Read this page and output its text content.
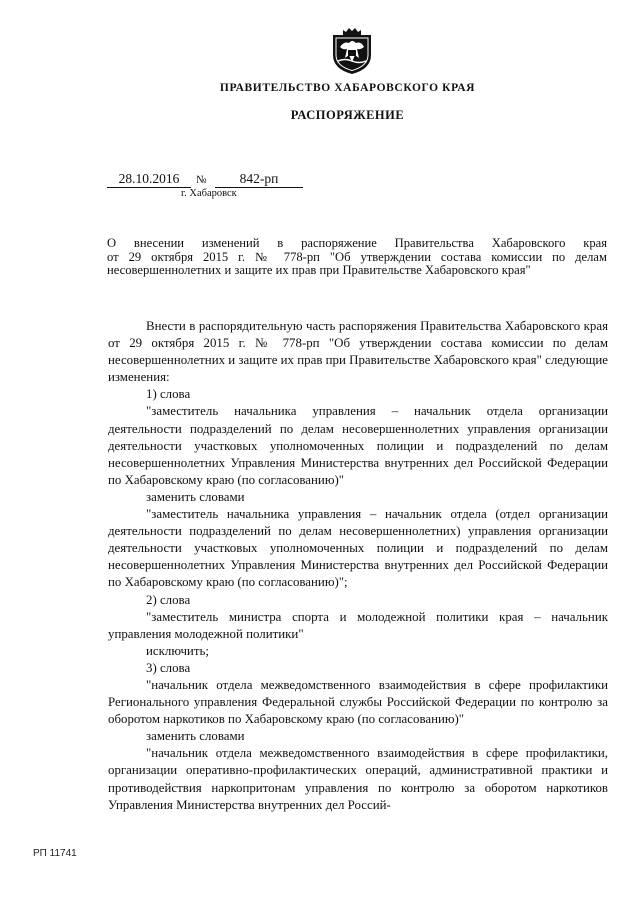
ПРАВИТЕЛЬСТВО ХАБАРОВСКОГО КРАЯ
РАСПОРЯЖЕНИЕ
28.10.2016	№	842-рп
г. Хабаровск

О внесении изменений в распоряжение Правительства Хабаровского края

от 29 октября 2015 г. № 778-рп "Об утверждении состава комиссии по делам

несовершеннолетних и защите их прав при Правительстве Хабаровского края"

Внести в распорядительную часть распоряжения Правительства Хабаровского края от 29 октября 2015 г. № 778-рп "Об утверждении состава комиссии по делам несовершеннолетних и защите их прав при Правительстве Хабаровского края" следующие изменения:

1) слова

"заместитель начальника управления – начальник отдела организации деятельности подразделений по делам несовершеннолетних управления организации деятельности участковых уполномоченных полиции и подразделений по делам несовершеннолетних Управления Министерства внутренних дел Российской Федерации по Хабаровскому краю (по согласованию)"

заменить словами

"заместитель начальника управления – начальник отдела (отдел организации деятельности подразделений по делам несовершеннолетних) управления организации деятельности участковых уполномоченных полиции и подразделений по делам несовершеннолетних Управления Министерства внутренних дел Российской Федерации по Хабаровскому краю (по согласованию)";

2) слова

"заместитель министра спорта и молодежной политики края – начальник управления молодежной политики"

исключить;

3) слова

"начальник отдела межведомственного взаимодействия в сфере профилактики Регионального управления Федеральной службы Российской Федерации по контролю за оборотом наркотиков по Хабаровскому краю (по согласованию)"

заменить словами

"начальник отдела межведомственного взаимодействия в сфере профилактики, организации оперативно-профилактических операций, административной практики и противодействия наркопритонам управления по контролю за оборотом наркотиков Управления Министерства внутренних дел Россий-

РП 11741
